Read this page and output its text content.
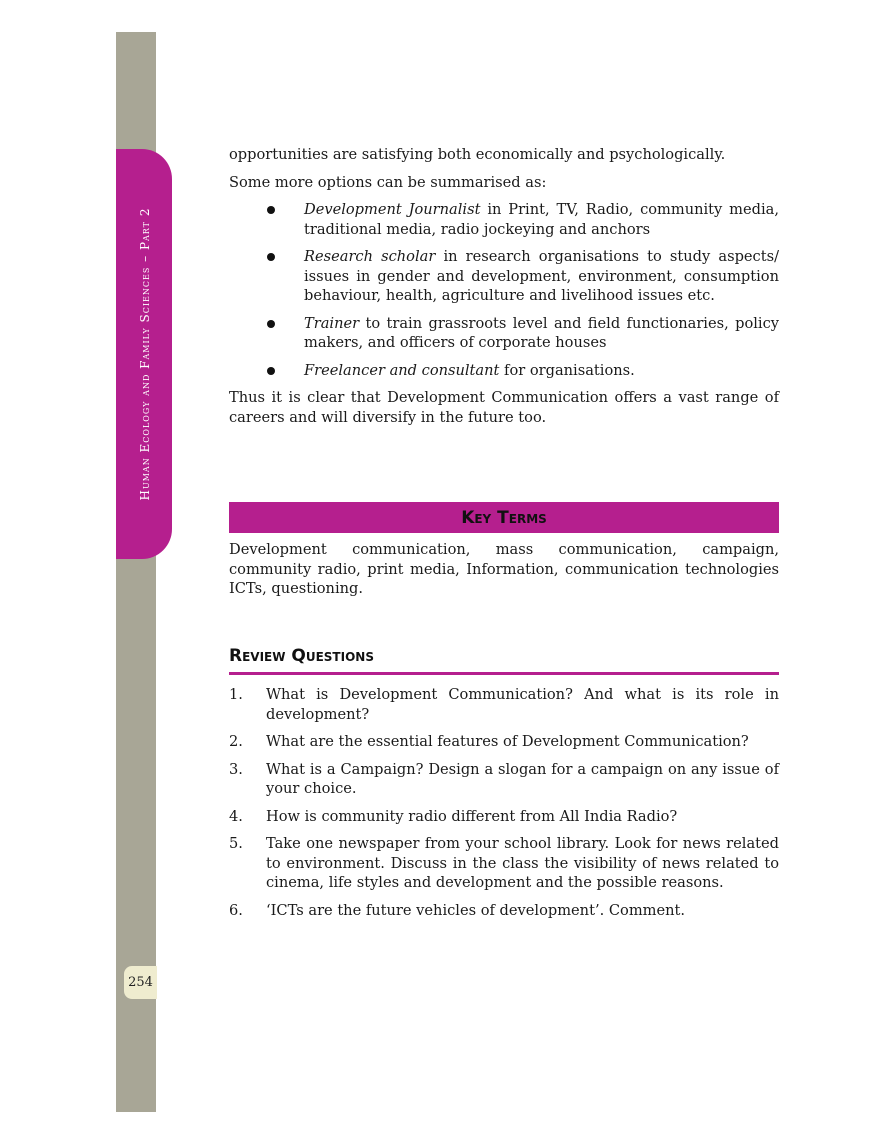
Human Ecology and Family Sciences – Part 2
254

opportunities are satisfying both economically and psychologically.

Some more options can be summarised as:

Development Journalist in Print, TV, Radio, community media, traditional media, radio jockeying and anchors
Research scholar in research organisations to study aspects/ issues in gender and development, environment, consumption behaviour, health, agriculture and livelihood issues etc.
Trainer to train grassroots level and field functionaries, policy makers, and officers of corporate houses
Freelancer and consultant for organisations.

Thus it is clear that Development Communication offers a vast range of careers and will diversify in the future too.

Key Terms
Development communication, mass communication, campaign,
community radio, print media, Information, communication technologies ICTs, questioning.
Review Questions
1. What is Development Communication? And what is its role in development?
2. What are the essential features of Development Communication?
3. What is a Campaign? Design a slogan for a campaign on any issue of your choice.
4. How is community radio different from All India Radio?
5. Take one newspaper from your school library. Look for news related to environment. Discuss in the class the visibility of news related to cinema, life styles and development and the possible reasons.
6. ‘ICTs are the future vehicles of development’. Comment.
